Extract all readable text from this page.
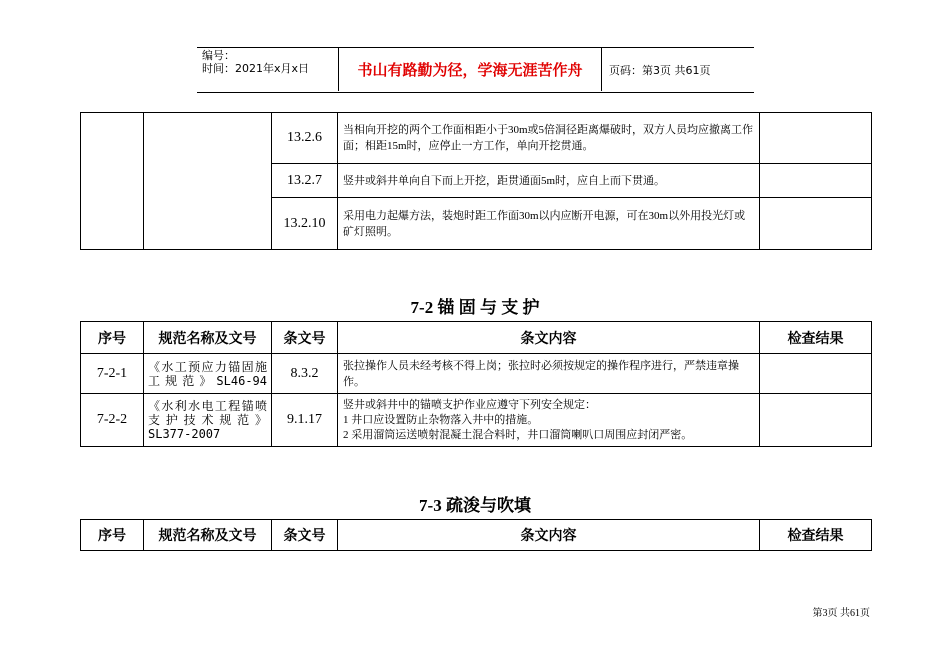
编号：
时间：2021年x月x日	书山有路勤为径，学海无涯苦作舟	页码：第3页 共61页
		13.2.6	当相向开挖的两个工作面相距小于30m或5倍洞径距离爆破时，双方人员均应撤离工作面；相距15m时，应停止一方工作，单向开挖贯通。	
		13.2.7	竖井或斜井单向自下而上开挖，距贯通面5m时，应自上而下贯通。	
		13.2.10	采用电力起爆方法，装炮时距工作面30m以内应断开电源，可在30m以外用投光灯或矿灯照明。	
7-2 锚 固 与 支 护
序号	规范名称及文号	条文号	条文内容	检查结果
7-2-1	《水工预应力锚固施工规范》SL46-94	8.3.2	张拉操作人员未经考核不得上岗；张拉时必须按规定的操作程序进行，严禁违章操作。	
7-2-2	《水利水电工程锚喷支护技术规范》SL377-2007	9.1.17	竖井或斜井中的锚喷支护作业应遵守下列安全规定：
1 井口应设置防止杂物落入井中的措施。
2 采用溜筒运送喷射混凝土混合料时，井口溜筒喇叭口周围应封闭严密。	

7-3 疏浚与吹填
序号	规范名称及文号	条文号	条文内容	检查结果
第3页 共61页
